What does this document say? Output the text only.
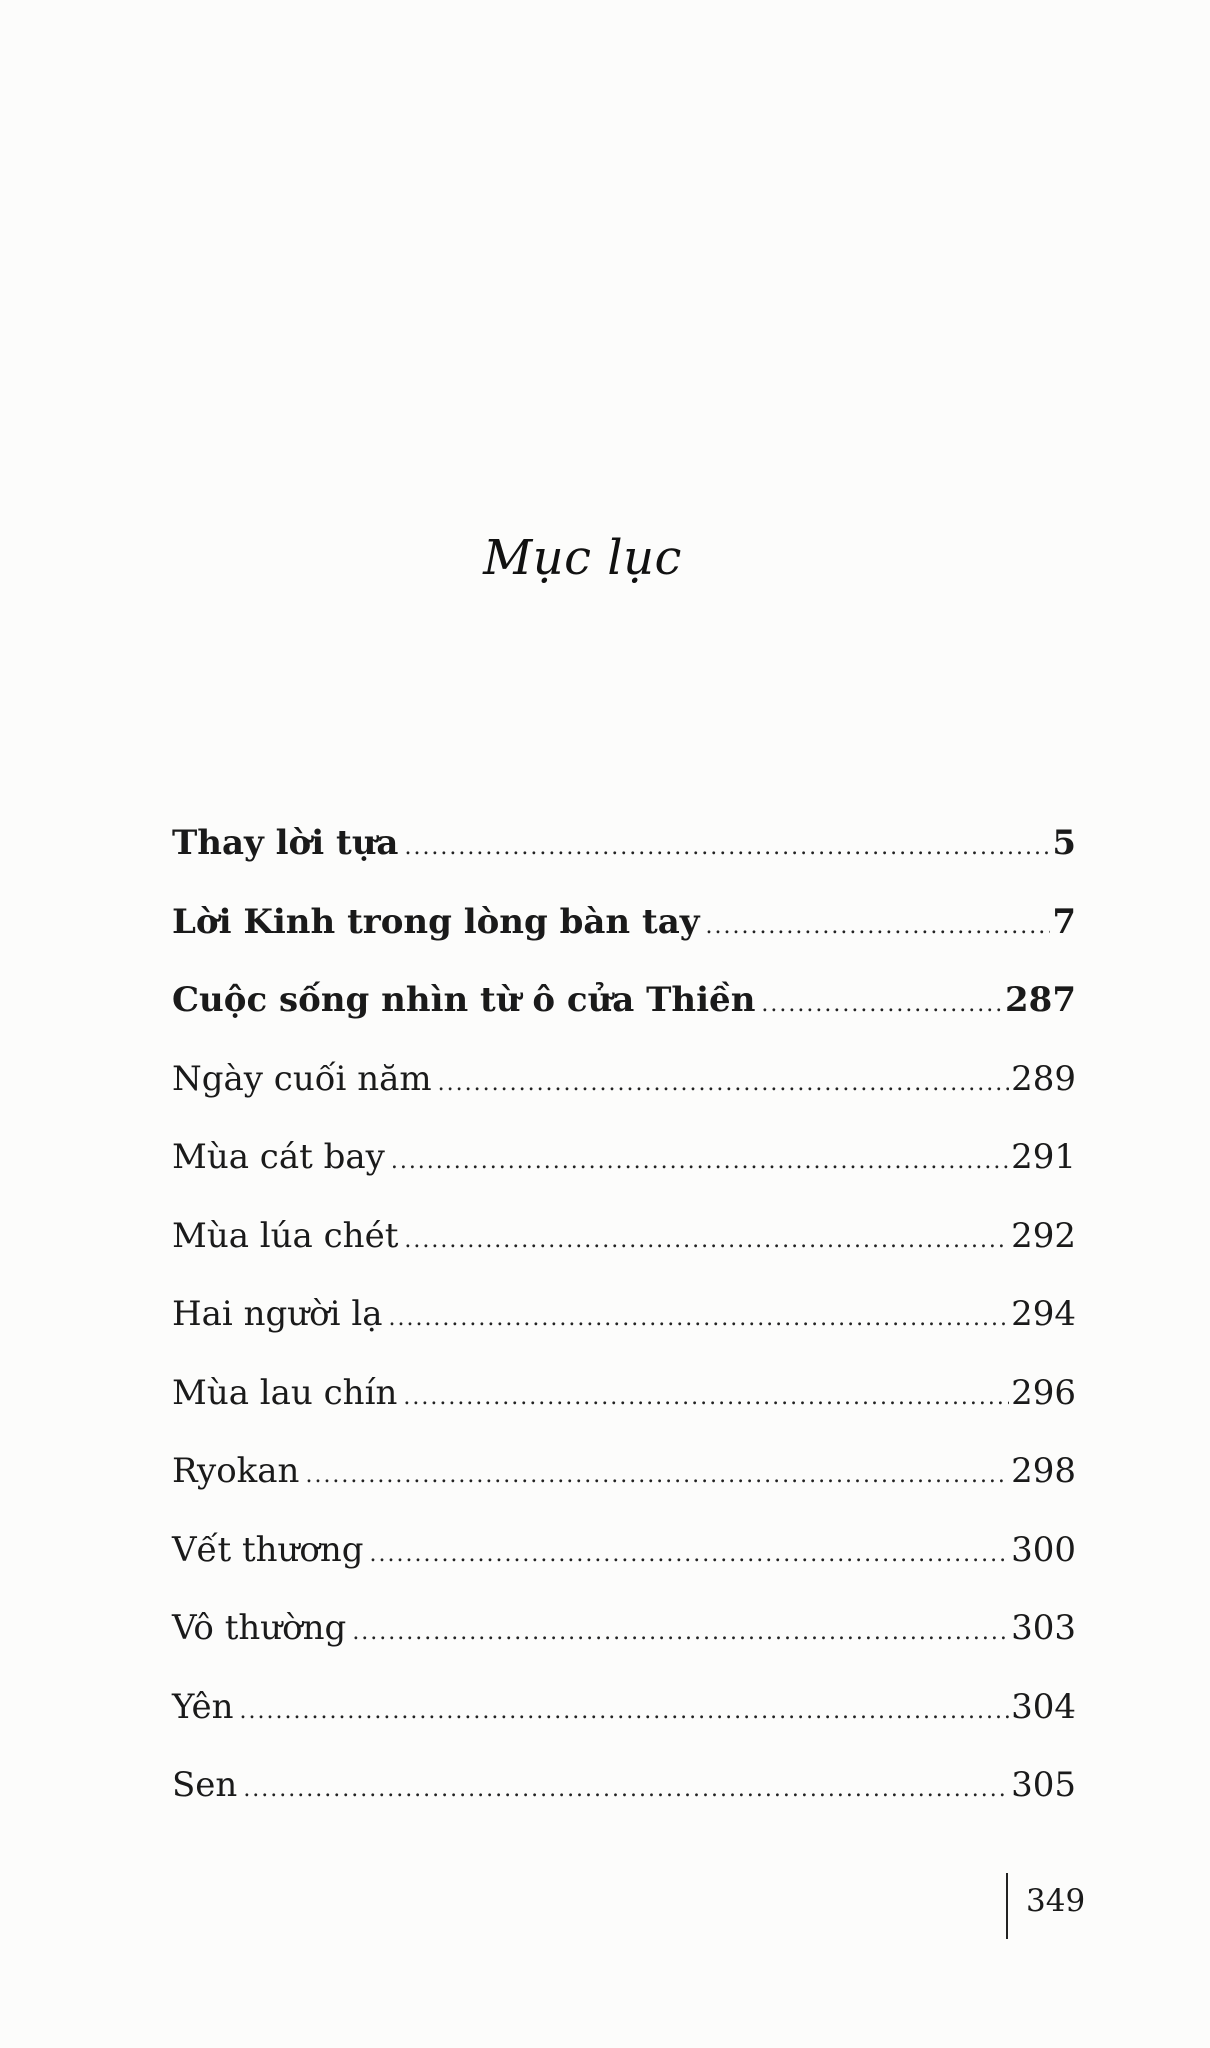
Mục lục
Thay lời tựa .....	5
Lời Kinh trong lòng bàn tay .....	7
Cuộc sống nhìn từ ô cửa Thiền .....	287
Ngày cuối năm .....	289
Mùa cát bay .....	291
Mùa lúa chét .....	292
Hai người lạ .....	294
Mùa lau chín .....	296
Ryokan .....	298
Vết thương .....	300
Vô thường .....	303
Yên .....	304
Sen .....	305
349
